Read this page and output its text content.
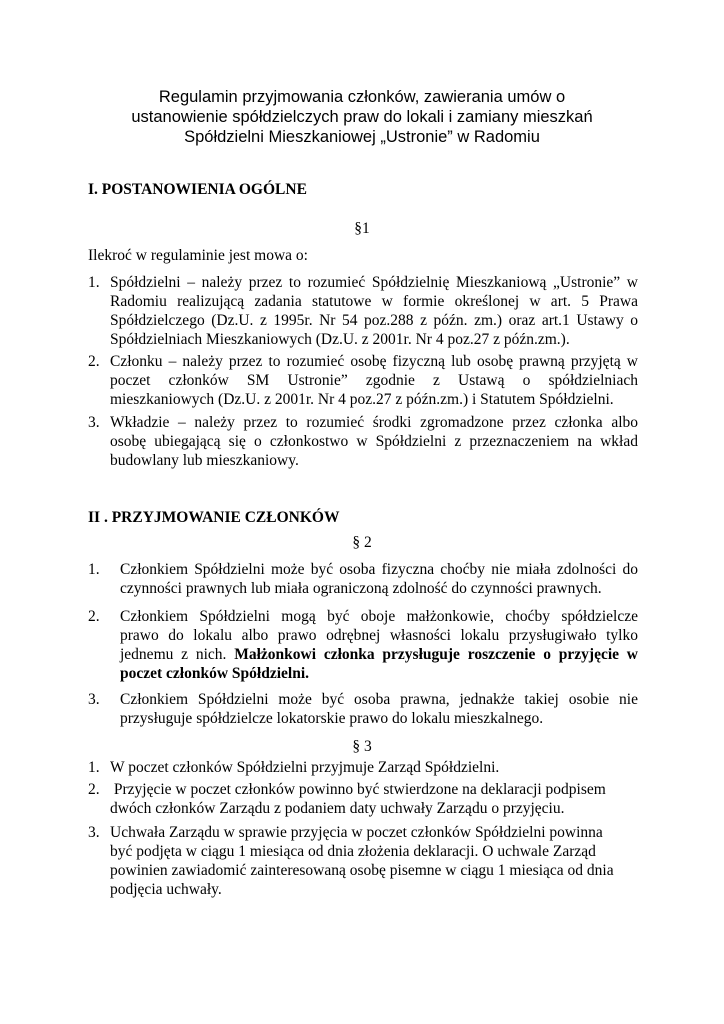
Regulamin przyjmowania członków, zawierania umów o
ustanowienie spółdzielczych praw do lokali i zamiany mieszkań
Spółdzielni Mieszkaniowej „Ustronie” w Radomiu
I. POSTANOWIENIA OGÓLNE
§1
Ilekroć w regulaminie jest mowa o:
1. Spółdzielni – należy przez to rozumieć Spółdzielnię Mieszkaniową „Ustronie” w
Radomiu realizującą zadania statutowe w formie określonej w art. 5 Prawa
Spółdzielczego (Dz.U. z 1995r. Nr 54 poz.288 z późn. zm.) oraz art.1 Ustawy o
Spółdzielniach Mieszkaniowych (Dz.U. z 2001r. Nr 4 poz.27 z późn.zm.).
2. Członku – należy przez to rozumieć osobę fizyczną lub osobę prawną przyjętą w
poczet członków SM Ustronie” zgodnie z Ustawą o spółdzielniach
mieszkaniowych (Dz.U. z 2001r. Nr 4 poz.27 z późn.zm.) i Statutem Spółdzielni.
3. Wkładzie – należy przez to rozumieć środki zgromadzone przez członka albo
osobę ubiegającą się o członkostwo w Spółdzielni z przeznaczeniem na wkład
budowlany lub mieszkaniowy.
II . PRZYJMOWANIE CZŁONKÓW
§ 2
1. Członkiem Spółdzielni może być osoba fizyczna choćby nie miała zdolności do
czynności prawnych lub miała ograniczoną zdolność do czynności prawnych.
2. Członkiem Spółdzielni mogą być oboje małżonkowie, choćby spółdzielcze
prawo do lokalu albo prawo odrębnej własności lokalu przysługiwało tylko
jednemu z nich. Małżonkowi członka przysługuje roszczenie o przyjęcie w
poczet członków Spółdzielni.
3. Członkiem Spółdzielni może być osoba prawna, jednakże takiej osobie nie
przysługuje spółdzielcze lokatorskie prawo do lokalu mieszkalnego.
§ 3
1. W poczet członków Spółdzielni przyjmuje Zarząd Spółdzielni.
2. Przyjęcie w poczet członków powinno być stwierdzone na deklaracji podpisem
dwóch członków Zarządu z podaniem daty uchwały Zarządu o przyjęciu.
3. Uchwała Zarządu w sprawie przyjęcia w poczet członków Spółdzielni powinna
być podjęta w ciągu 1 miesiąca od dnia złożenia deklaracji. O uchwale Zarząd
powinien zawiadomić zainteresowaną osobę pisemne w ciągu 1 miesiąca od dnia
podjęcia uchwały.
